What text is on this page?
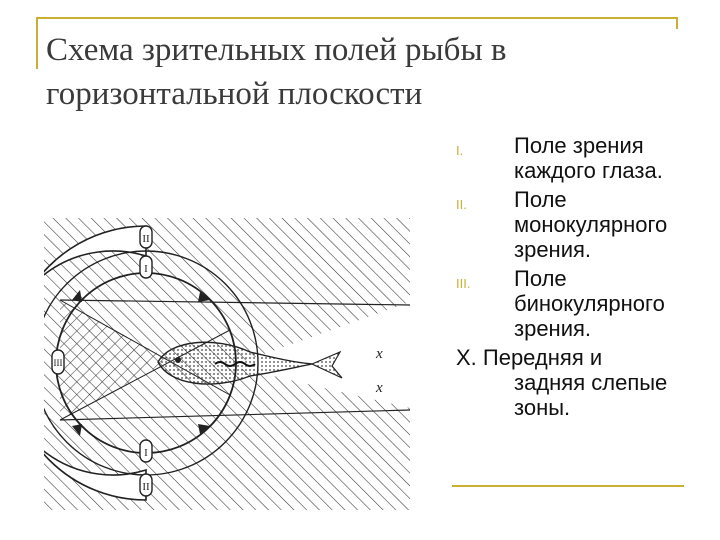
Схема зрительных полей рыбы в горизонтальной плоскости
II
I
III
I
II
x
x
I. Поле зрения каждого глаза.
II. Поле монокулярного зрения.
III. Поле бинокулярного зрения.
X. Передняя и
задняя слепые зоны.
